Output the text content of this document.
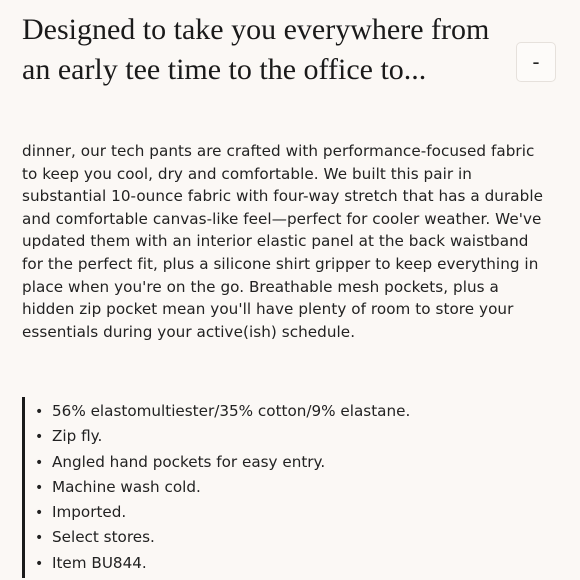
Designed to take you everywhere from an early tee time to the office to...	-

dinner, our tech pants are crafted with performance-focused fabric to keep you cool, dry and comfortable. We built this pair in substantial 10-ounce fabric with four-way stretch that has a durable and comfortable canvas-like feel—perfect for cooler weather. We've updated them with an interior elastic panel at the back waistband for the perfect fit, plus a silicone shirt gripper to keep everything in place when you're on the go. Breathable mesh pockets, plus a hidden zip pocket mean you'll have plenty of room to store your essentials during your active(ish) schedule.

• 56% elastomultiester/35% cotton/9% elastane.
• Zip fly.
• Angled hand pockets for easy entry.
• Machine wash cold.
• Imported.
• Select stores.
• Item BU844.
